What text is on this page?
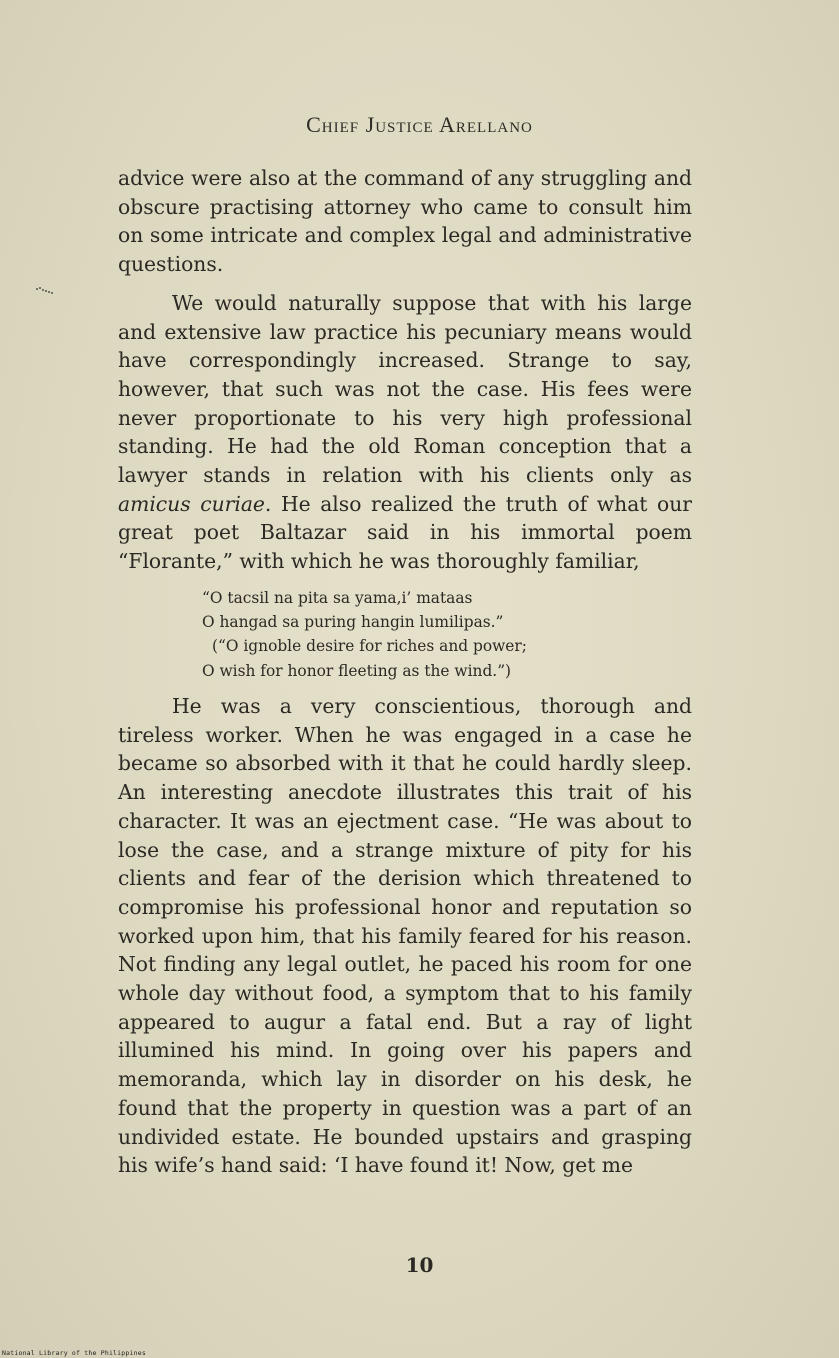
Chief Justice Arellano

advice were also at the command of any struggling and obscure practising attorney who came to consult him on some intricate and complex legal and administrative questions.

We would naturally suppose that with his large and extensive law practice his pecuniary means would have correspondingly increased. Strange to say, however, that such was not the case. His fees were never proportionate to his very high professional standing. He had the old Roman conception that a lawyer stands in relation with his clients only as amicus curiae. He also realized the truth of what our great poet Baltazar said in his immortal poem “Florante,” with which he was thoroughly familiar,

“O tacsil na pita sa yama,i’ mataas
O hangad sa puring hangin lumilipas.”
(“O ignoble desire for riches and power;
O wish for honor fleeting as the wind.”)

He was a very conscientious, thorough and tireless worker. When he was engaged in a case he became so absorbed with it that he could hardly sleep. An interesting anecdote illustrates this trait of his character. It was an ejectment case. “He was about to lose the case, and a strange mixture of pity for his clients and fear of the derision which threatened to compromise his professional honor and reputation so worked upon him, that his family feared for his reason. Not finding any legal outlet, he paced his room for one whole day without food, a symptom that to his family appeared to augur a fatal end. But a ray of light illumined his mind. In going over his papers and memoranda, which lay in disorder on his desk, he found that the property in question was a part of an undivided estate. He bounded upstairs and grasping his wife’s hand said: ‘I have found it! Now, get me

10
National Library of the Philippines
